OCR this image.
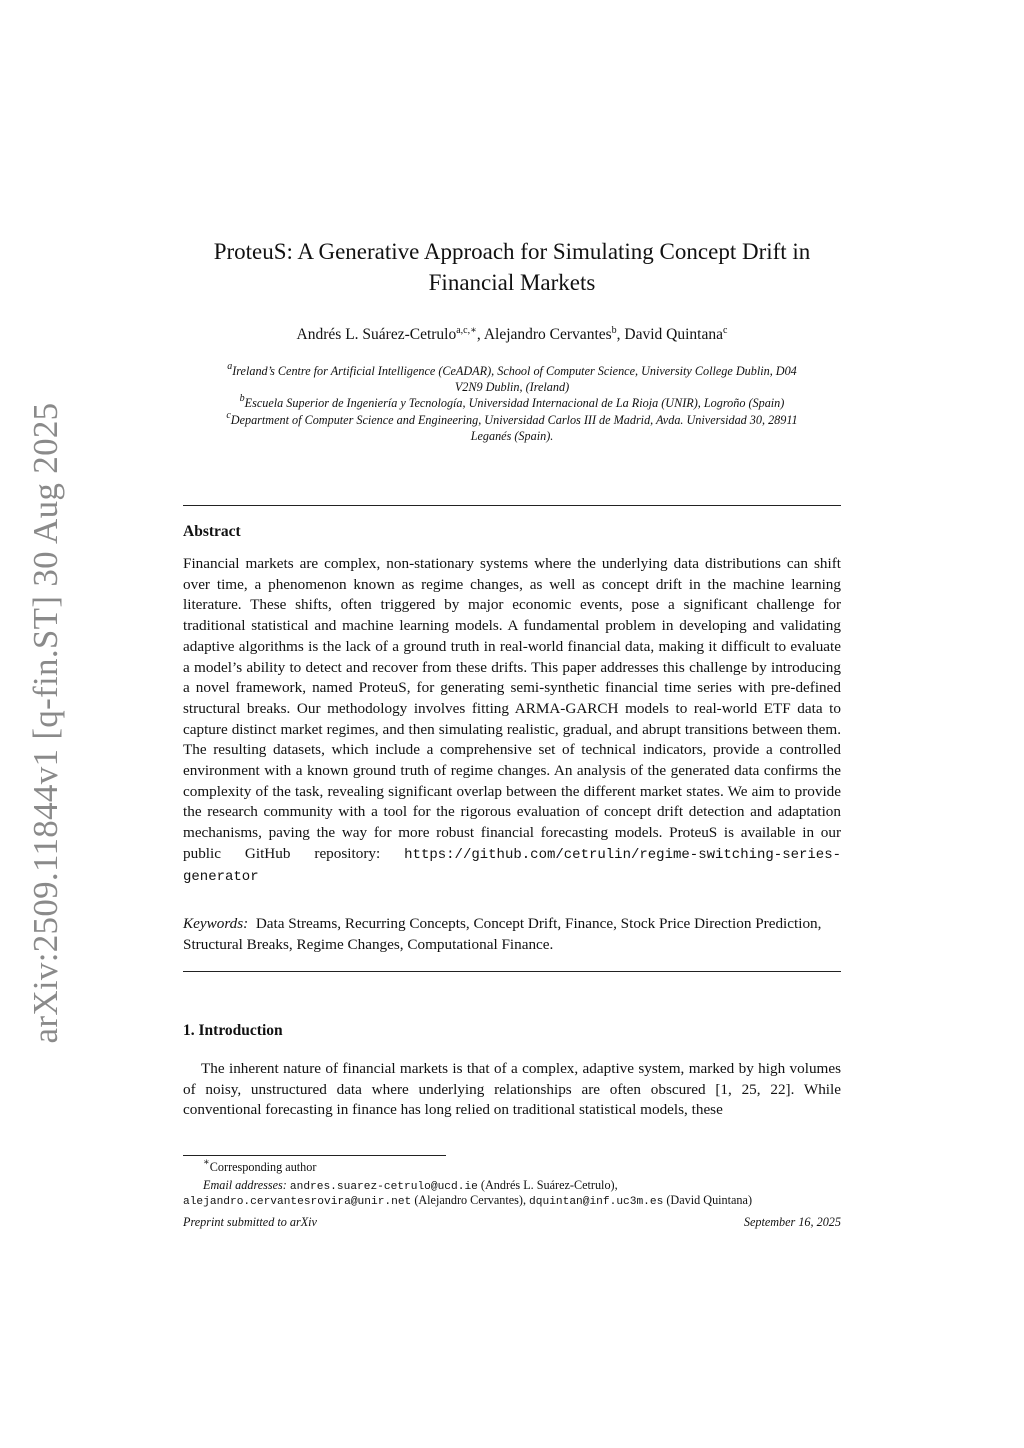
arXiv:2509.11844v1 [q-fin.ST] 30 Aug 2025
ProteuS: A Generative Approach for Simulating Concept Drift in
Financial Markets
Andrés L. Suárez-Cetrulo$^{a,c,∗}$, Alejandro Cervantes$^b$, David Quintana$^c$
$^a$Ireland’s Centre for Artificial Intelligence (CeADAR), School of Computer Science, University College Dublin, D04
V2N9 Dublin, (Ireland)
$^b$Escuela Superior de Ingeniería y Tecnología, Universidad Internacional de La Rioja (UNIR), Logroño (Spain)
$^c$Department of Computer Science and Engineering, Universidad Carlos III de Madrid, Avda. Universidad 30, 28911
Leganés (Spain).
Abstract
Financial markets are complex, non-stationary systems where the underlying data distributions can shift over time, a phenomenon known as regime changes, as well as concept drift in the machine learning literature. These shifts, often triggered by major economic events, pose a significant challenge for traditional statistical and machine learning models. A fundamental problem in developing and validating adaptive algorithms is the lack of a ground truth in real-world financial data, making it difficult to evaluate a model’s ability to detect and recover from these drifts. This paper addresses this challenge by introducing a novel framework, named ProteuS, for generating semi-synthetic financial time series with pre-defined structural breaks. Our methodology involves fitting ARMA-GARCH models to real-world ETF data to capture distinct market regimes, and then simulating realistic, gradual, and abrupt transitions between them. The resulting datasets, which include a comprehensive set of technical indicators, provide a controlled environment with a known ground truth of regime changes. An analysis of the generated data confirms the complexity of the task, revealing significant overlap between the different market states. We aim to provide the research community with a tool for the rigorous evaluation of concept drift detection and adaptation mechanisms, paving the way for more robust financial forecasting models. ProteuS is available in our public GitHub repository: https://github.com/cetrulin/regime-switching-series-generator
Keywords: Data Streams, Recurring Concepts, Concept Drift, Finance, Stock Price Direction Prediction, Structural Breaks, Regime Changes, Computational Finance.
1. Introduction
The inherent nature of financial markets is that of a complex, adaptive system, marked by high volumes of noisy, unstructured data where underlying relationships are often obscured [1, 25, 22]. While conventional forecasting in finance has long relied on traditional statistical models, these
∗Corresponding author
Email addresses: andres.suarez-cetrulo@ucd.ie (Andrés L. Suárez-Cetrulo),
alejandro.cervantesrovira@unir.net (Alejandro Cervantes), dquintan@inf.uc3m.es (David Quintana)
Preprint submitted to arXiv	September 16, 2025
